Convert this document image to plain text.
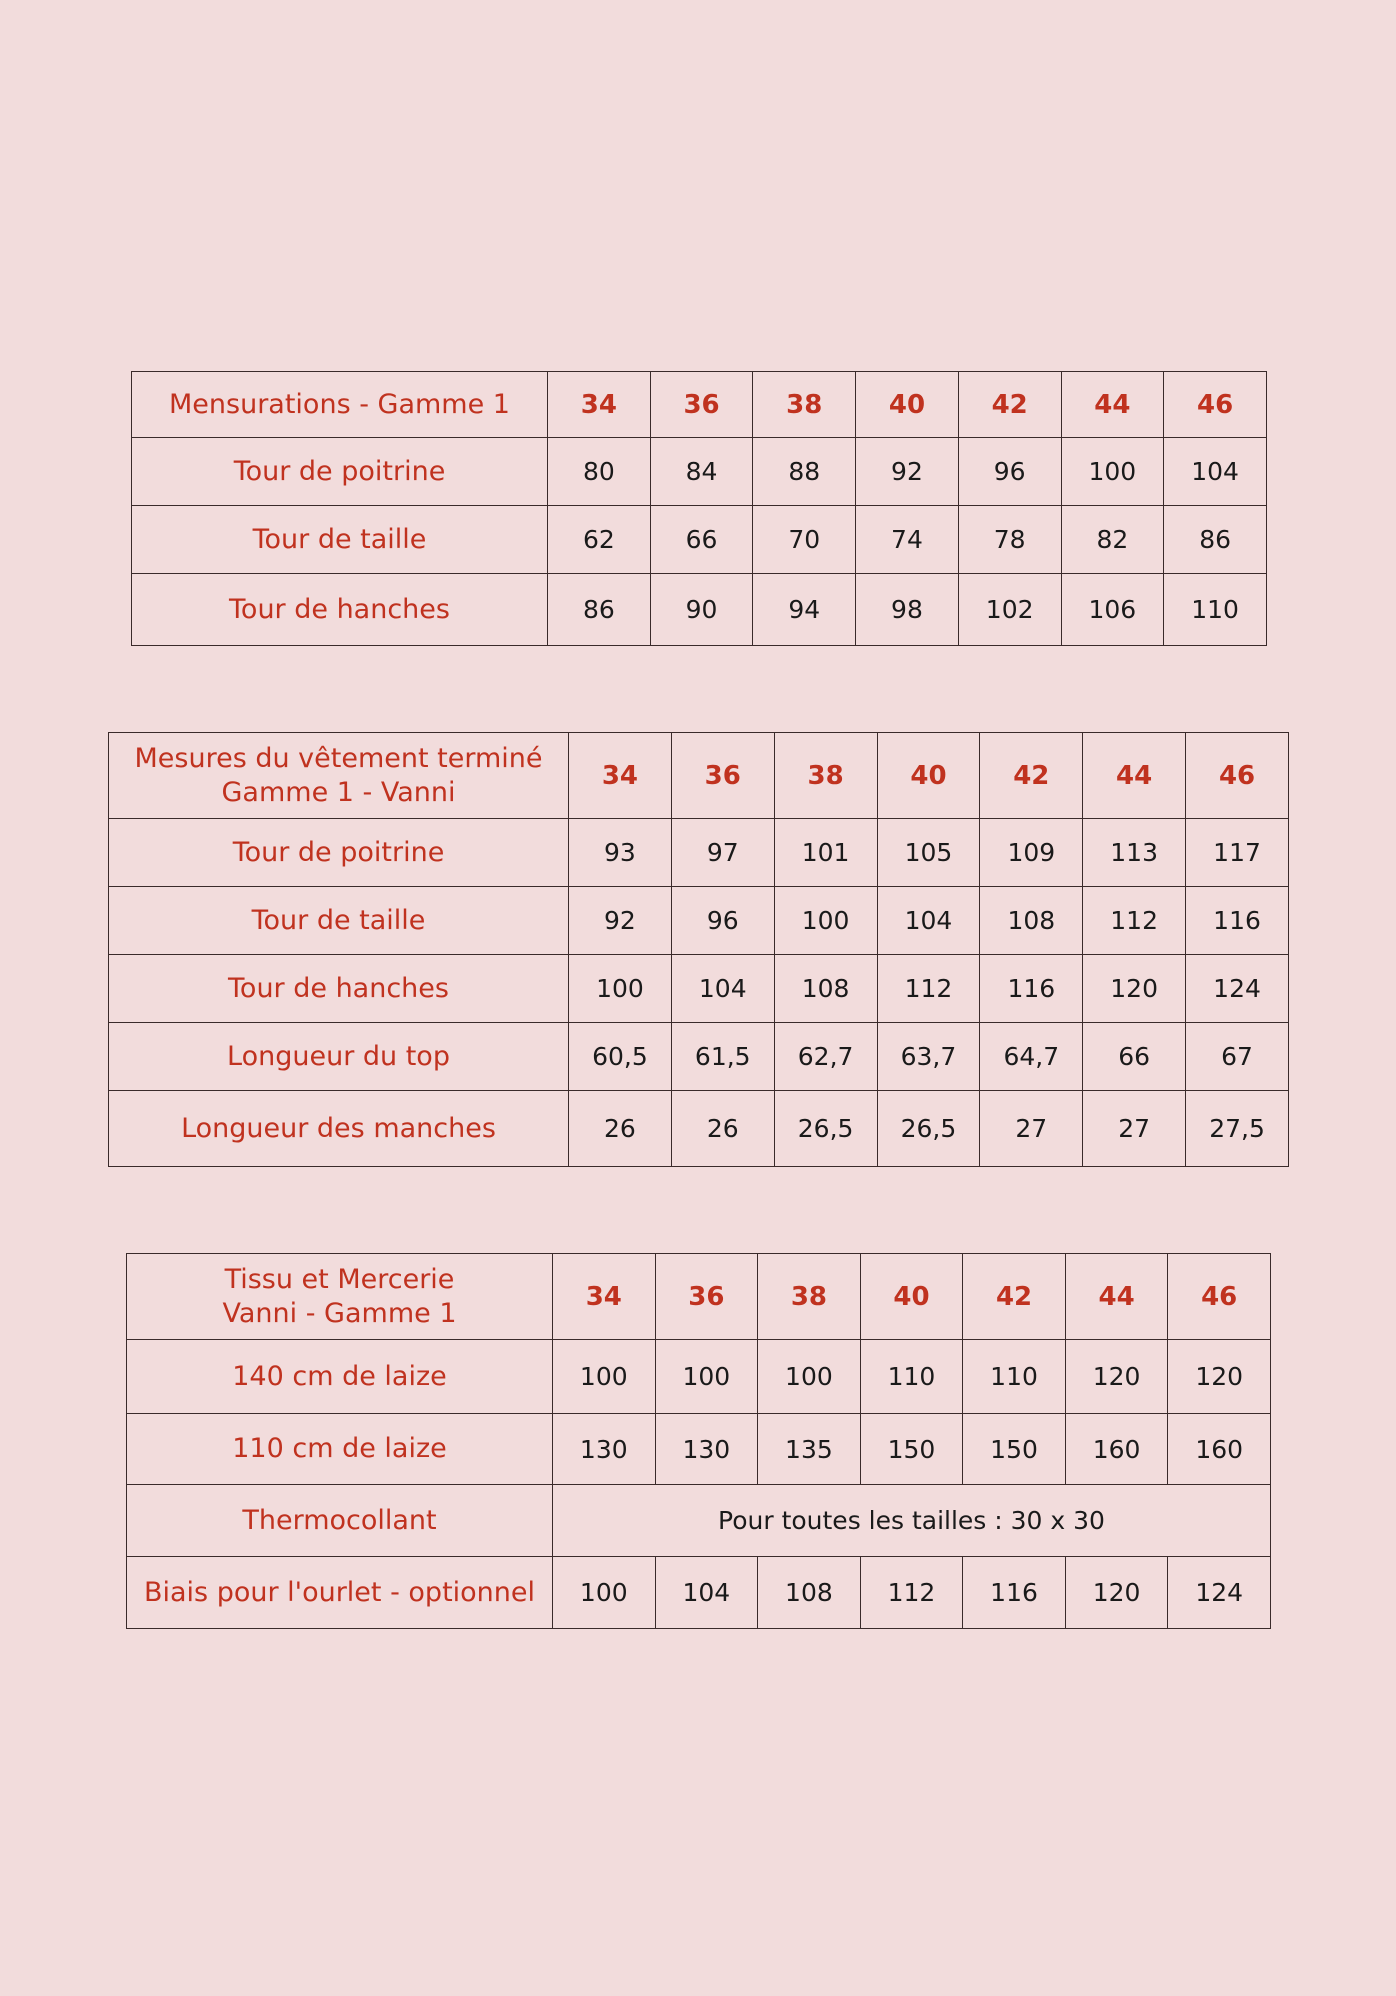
Mensurations - Gamme 1	34	36	38	40	42	44	46
Tour de poitrine	80	84	88	92	96	100	104
Tour de taille	62	66	70	74	78	82	86
Tour de hanches	86	90	94	98	102	106	110
Mesures du vêtement terminé
Gamme 1 - Vanni	34	36	38	40	42	44	46
Tour de poitrine	93	97	101	105	109	113	117
Tour de taille	92	96	100	104	108	112	116
Tour de hanches	100	104	108	112	116	120	124
Longueur du top	60,5	61,5	62,7	63,7	64,7	66	67
Longueur des manches	26	26	26,5	26,5	27	27	27,5
Tissu et Mercerie
Vanni - Gamme 1	34	36	38	40	42	44	46
140 cm de laize	100	100	100	110	110	120	120
110 cm de laize	130	130	135	150	150	160	160
Thermocollant	Pour toutes les tailles : 30 x 30						
Biais pour l'ourlet - optionnel	100	104	108	112	116	120	124
